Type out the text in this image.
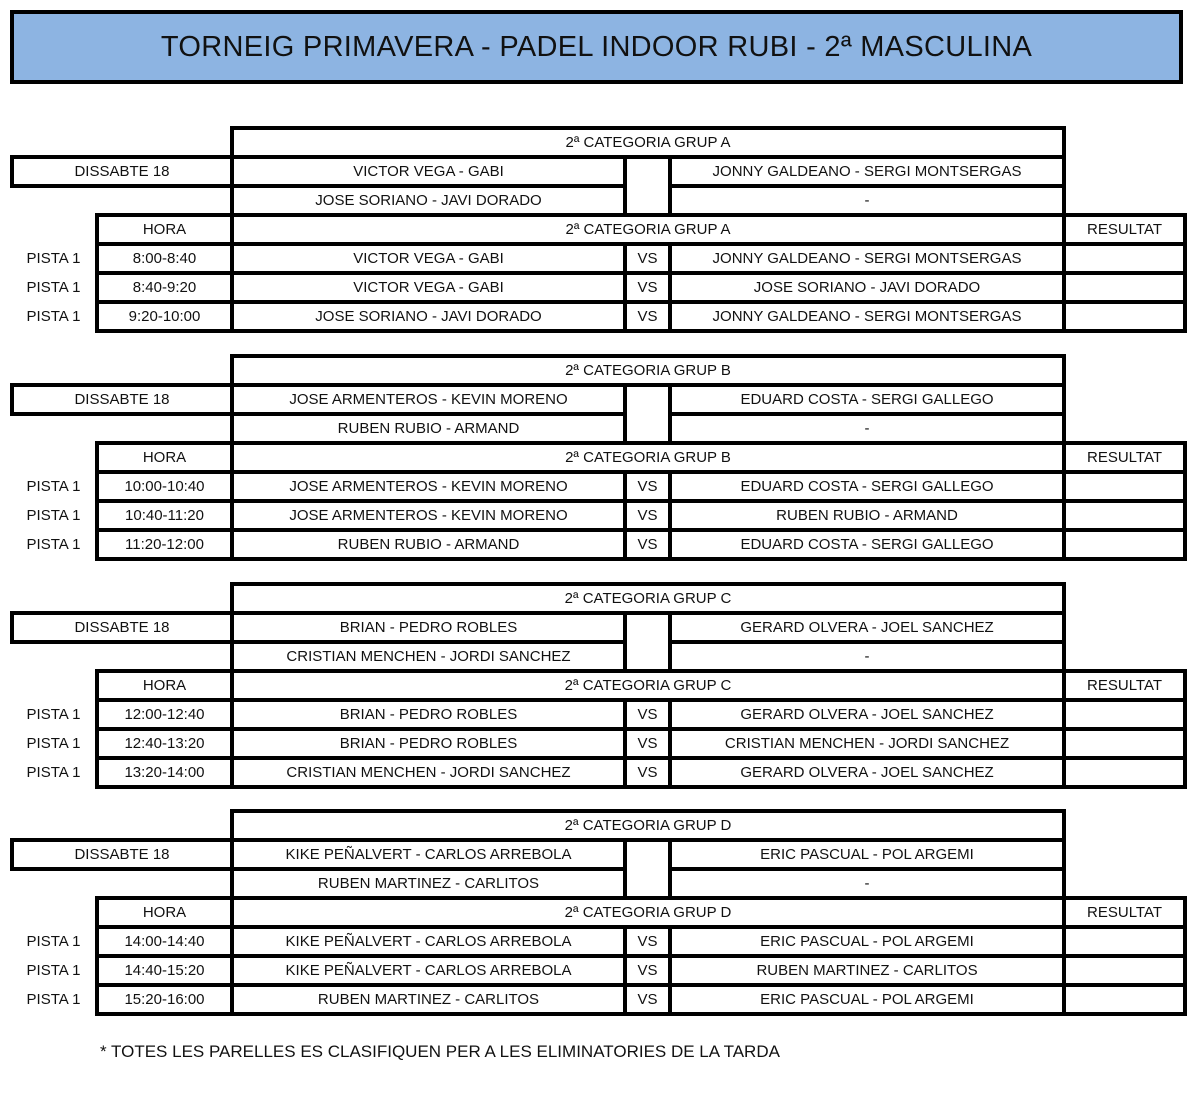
TORNEIG PRIMAVERA - PADEL INDOOR RUBI - 2ª MASCULINA
		2ª CATEGORIA GRUP A			
DISSABTE 18		VICTOR VEGA - GABI		JONNY GALDEANO - SERGI MONTSERGAS	
		JOSE SORIANO - JAVI DORADO		-	
	HORA	2ª CATEGORIA GRUP A			RESULTAT
PISTA 1	8:00-8:40	VICTOR VEGA - GABI	VS	JONNY GALDEANO - SERGI MONTSERGAS	
PISTA 1	8:40-9:20	VICTOR VEGA - GABI	VS	JOSE SORIANO - JAVI DORADO	
PISTA 1	9:20-10:00	JOSE SORIANO - JAVI DORADO	VS	JONNY GALDEANO - SERGI MONTSERGAS	
		2ª CATEGORIA GRUP B			
DISSABTE 18		JOSE ARMENTEROS - KEVIN MORENO		EDUARD COSTA - SERGI GALLEGO	
		RUBEN RUBIO - ARMAND		-	
	HORA	2ª CATEGORIA GRUP B			RESULTAT
PISTA 1	10:00-10:40	JOSE ARMENTEROS - KEVIN MORENO	VS	EDUARD COSTA - SERGI GALLEGO	
PISTA 1	10:40-11:20	JOSE ARMENTEROS - KEVIN MORENO	VS	RUBEN RUBIO - ARMAND	
PISTA 1	11:20-12:00	RUBEN RUBIO - ARMAND	VS	EDUARD COSTA - SERGI GALLEGO	
		2ª CATEGORIA GRUP C			
DISSABTE 18		BRIAN - PEDRO ROBLES		GERARD OLVERA - JOEL SANCHEZ	
		CRISTIAN MENCHEN - JORDI SANCHEZ		-	
	HORA	2ª CATEGORIA GRUP C			RESULTAT
PISTA 1	12:00-12:40	BRIAN - PEDRO ROBLES	VS	GERARD OLVERA - JOEL SANCHEZ	
PISTA 1	12:40-13:20	BRIAN - PEDRO ROBLES	VS	CRISTIAN MENCHEN - JORDI SANCHEZ	
PISTA 1	13:20-14:00	CRISTIAN MENCHEN - JORDI SANCHEZ	VS	GERARD OLVERA - JOEL SANCHEZ	
		2ª CATEGORIA GRUP D			
DISSABTE 18		KIKE PEÑALVERT - CARLOS ARREBOLA		ERIC PASCUAL - POL ARGEMI	
		RUBEN MARTINEZ - CARLITOS		-	
	HORA	2ª CATEGORIA GRUP D			RESULTAT
PISTA 1	14:00-14:40	KIKE PEÑALVERT - CARLOS ARREBOLA	VS	ERIC PASCUAL - POL ARGEMI	
PISTA 1	14:40-15:20	KIKE PEÑALVERT - CARLOS ARREBOLA	VS	RUBEN MARTINEZ - CARLITOS	
PISTA 1	15:20-16:00	RUBEN MARTINEZ - CARLITOS	VS	ERIC PASCUAL - POL ARGEMI	
* TOTES LES PARELLES ES CLASIFIQUEN PER A LES ELIMINATORIES DE LA TARDA
